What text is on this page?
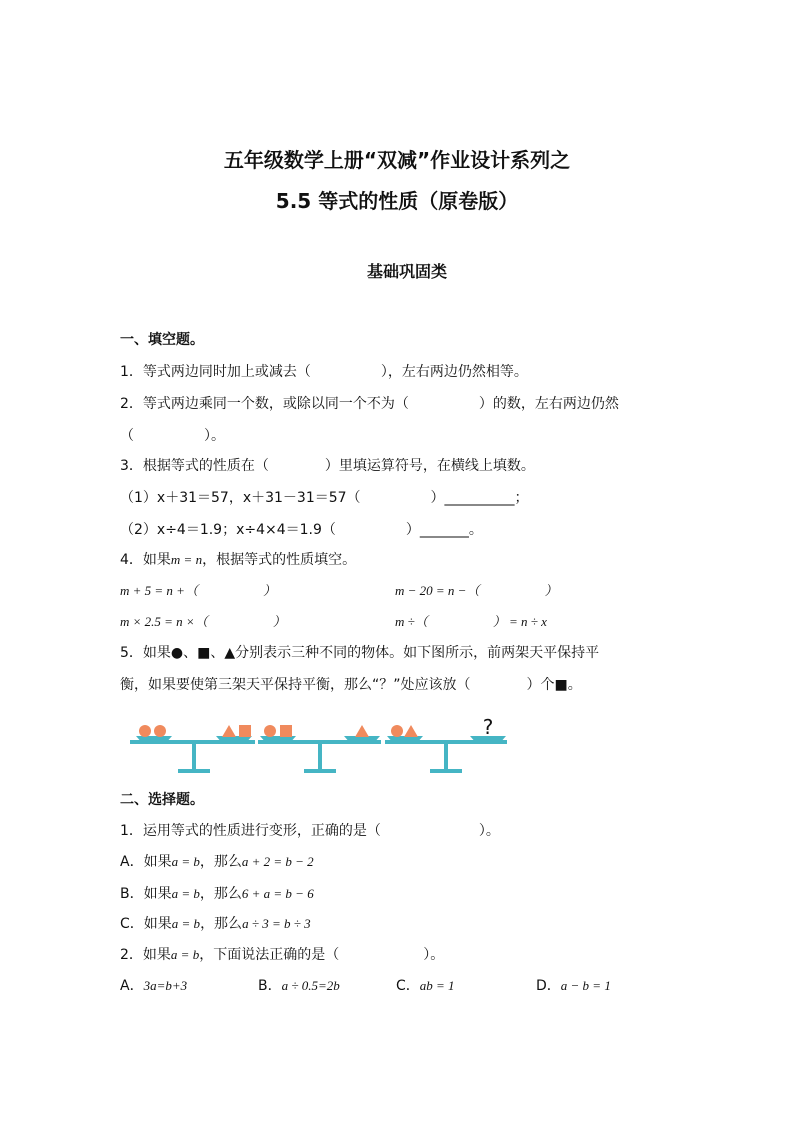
五年级数学上册“双减”作业设计系列之
5.5 等式的性质（原卷版）
基础巩固类
一、填空题。
1．等式两边同时加上或减去（　　　　　），左右两边仍然相等。
2．等式两边乘同一个数，或除以同一个不为（　　　　　）的数，左右两边仍然
（　　　　　）。
3．根据等式的性质在（　　　　）里填运算符号，在横线上填数。
（1）x＋31＝57，x＋31－31＝57（　　　　　）__________；
（2）x÷4＝1.9；x÷4×4＝1.9（　　　　　）_______。
4．如果m = n，根据等式的性质填空。
m + 5 = n +（　　　　　）	m − 20 = n −（　　　　　）
m × 2.5 = n ×（　　　　　）	m ÷（　　　　　） = n ÷ x
5．如果●、■、▲分别表示三种不同的物体。如下图所示，前两架天平保持平
衡，如果要使第三架天平保持平衡，那么“？”处应该放（　　　　）个■。
?
二、选择题。
1．运用等式的性质进行变形，正确的是（　　　　　　　）。
A．如果a = b，那么a + 2 = b − 2
B．如果a = b，那么6 + a = b − 6
C．如果a = b，那么a ÷ 3 = b ÷ 3
2．如果a = b，下面说法正确的是（　　　　　　）。
A．3a=b+3	B．a ÷ 0.5=2b	C．ab = 1	D．a − b = 1
